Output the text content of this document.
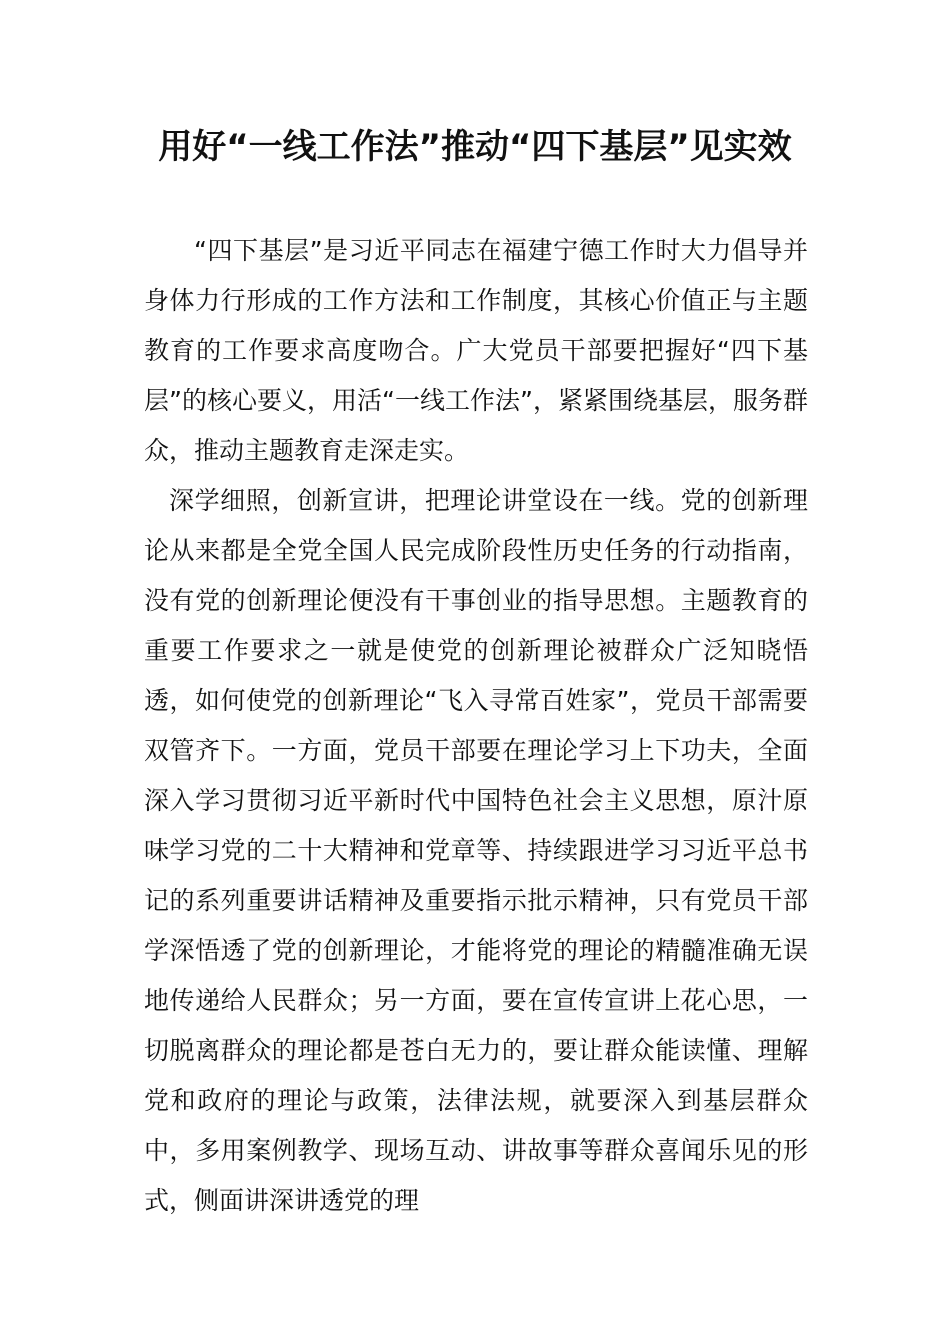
用好“一线工作法”推动“四下基层”见实效

“四下基层”是习近平同志在福建宁德工作时大力倡导并身体力行形成的工作方法和工作制度，其核心价值正与主题教育的工作要求高度吻合。广大党员干部要把握好“四下基层”的核心要义，用活“一线工作法”，紧紧围绕基层，服务群众，推动主题教育走深走实。

深学细照，创新宣讲，把理论讲堂设在一线。党的创新理论从来都是全党全国人民完成阶段性历史任务的行动指南，没有党的创新理论便没有干事创业的指导思想。主题教育的重要工作要求之一就是使党的创新理论被群众广泛知晓悟透，如何使党的创新理论“飞入寻常百姓家”，党员干部需要双管齐下。一方面，党员干部要在理论学习上下功夫，全面深入学习贯彻习近平新时代中国特色社会主义思想，原汁原味学习党的二十大精神和党章等、持续跟进学习习近平总书记的系列重要讲话精神及重要指示批示精神，只有党员干部学深悟透了党的创新理论，才能将党的理论的精髓准确无误地传递给人民群众；另一方面，要在宣传宣讲上花心思，一切脱离群众的理论都是苍白无力的，要让群众能读懂、理解党和政府的理论与政策，法律法规，就要深入到基层群众中，多用案例教学、现场互动、讲故事等群众喜闻乐见的形式，侧面讲深讲透党的理
